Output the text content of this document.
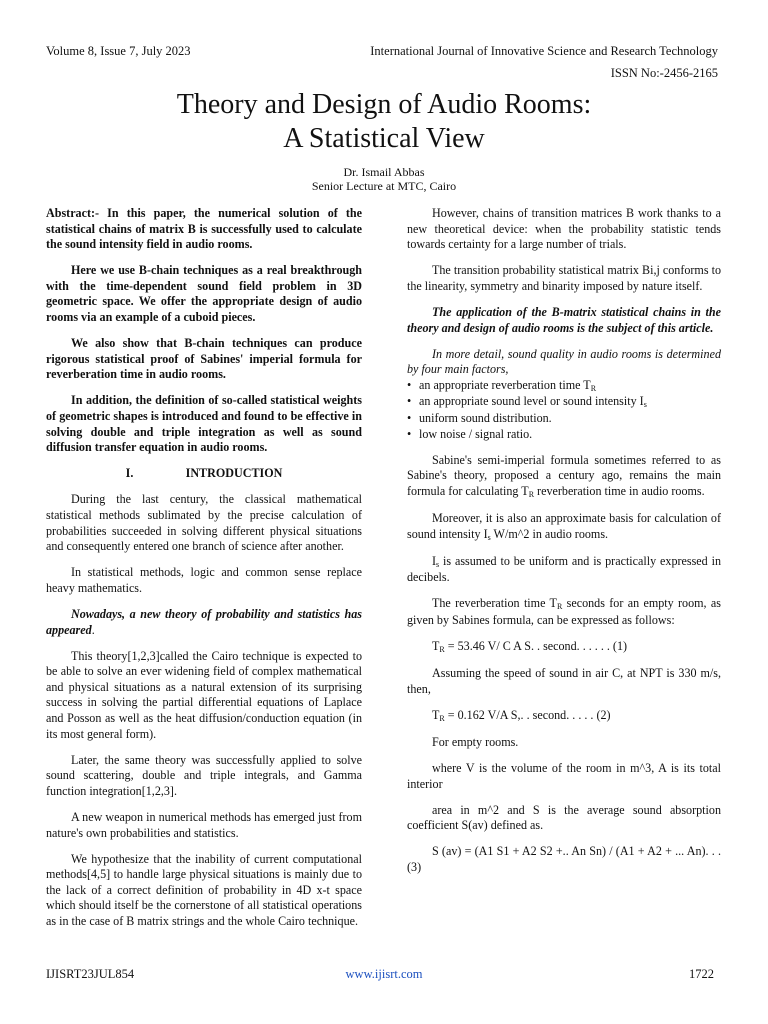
Volume 8, Issue 7, July 2023	International Journal of Innovative Science and Research Technology
ISSN No:-2456-2165
Theory and Design of Audio Rooms:
A Statistical View
Dr. Ismail Abbas
Senior Lecture at MTC, Cairo

Abstract:- In this paper, the numerical solution of the statistical chains of matrix B is successfully used to calculate the sound intensity field in audio rooms.

Here we use B-chain techniques as a real breakthrough with the time-dependent sound field problem in 3D geometric space. We offer the appropriate design of audio rooms via an example of a cuboid pieces.

We also show that B-chain techniques can produce rigorous statistical proof of Sabines' imperial formula for reverberation time in audio rooms.

In addition, the definition of so-called statistical weights of geometric shapes is introduced and found to be effective in solving double and triple integration as well as sound diffusion transfer equation in audio rooms.

I.	INTRODUCTION

During the last century, the classical mathematical statistical methods sublimated by the precise calculation of probabilities succeeded in solving different physical situations and consequently entered one branch of science after another.

In statistical methods, logic and common sense replace heavy mathematics.

Nowadays, a new theory of probability and statistics has appeared.

This theory[1,2,3]called the Cairo technique is expected to be able to solve an ever widening field of complex mathematical and physical situations as a natural extension of its surprising success in solving the partial differential equations of Laplace and Posson as well as the heat diffusion/conduction equation (in its most general form).

Later, the same theory was successfully applied to solve sound scattering, double and triple integrals, and Gamma function integration[1,2,3].

A new weapon in numerical methods has emerged just from nature's own probabilities and statistics.

We hypothesize that the inability of current computational methods[4,5] to handle large physical situations is mainly due to the lack of a correct definition of probability in 4D x-t space which should itself be the cornerstone of all statistical operations as in the case of B matrix strings and the whole Cairo technique.

However, chains of transition matrices B work thanks to a new theoretical device: when the probability statistic tends towards certainty for a large number of trials.

The transition probability statistical matrix Bi,j conforms to the linearity, symmetry and binarity imposed by nature itself.

The application of the B-matrix statistical chains in the theory and design of audio rooms is the subject of this article.

In more detail, sound quality in audio rooms is determined by four main factors,

• an appropriate reverberation time $T_R$
• an appropriate sound level or sound intensity $I_s$
• uniform sound distribution.
• low noise / signal ratio.

Sabine's semi-imperial formula sometimes referred to as Sabine's theory, proposed a century ago, remains the main formula for calculating $T_R$ reverberation time in audio rooms.

Moreover, it is also an approximate basis for calculation of sound intensity $I_s$ W/m^2 in audio rooms.

$I_s$ is assumed to be uniform and is practically expressed in decibels.

The reverberation time $T_R$ seconds for an empty room, as given by Sabines formula, can be expressed as follows:

$T_R = 53.46$ V/ C A S. . second. . . . . . (1)

Assuming the speed of sound in air C, at NPT is 330 m/s, then,

$T_R = 0.162$ V/A S,. . second. . . . . (2)

For empty rooms.

where V is the volume of the room in m^3, A is its total interior

area in m^2 and S is the average sound absorption coefficient S(av) defined as.

S (av) = (A1 S1 + A2 S2 +.. An Sn) / (A1 + A2 + ... An). . . (3)

IJISRT23JUL854	www.ijisrt.com	1722
